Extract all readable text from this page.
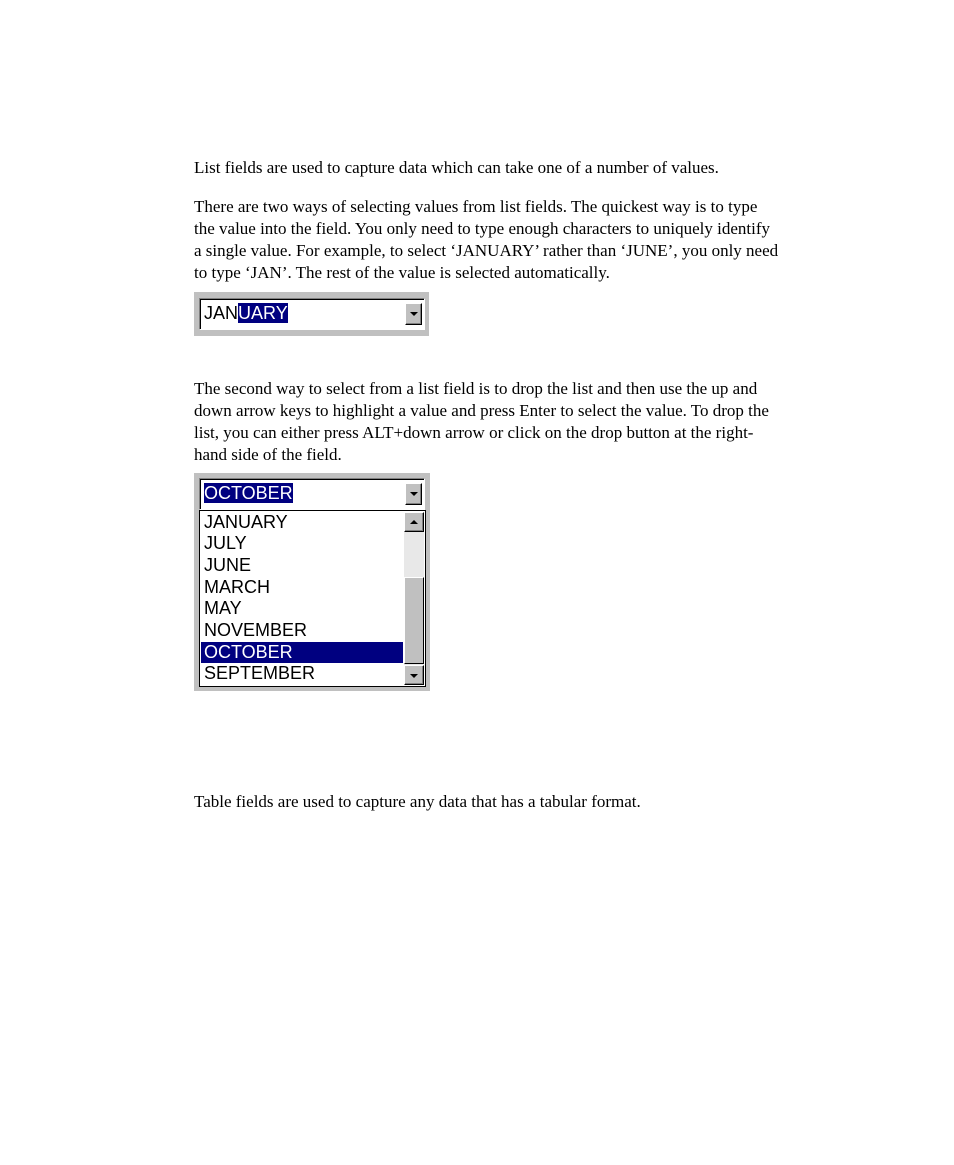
List fields are used to capture data which can take one of a number of values.

There are two ways of selecting values from list fields. The quickest way is to type
the value into the field. You only need to type enough characters to uniquely identify
a single value. For example, to select ‘JANUARY’ rather than ‘JUNE’, you only need
to type ‘JAN’. The rest of the value is selected automatically.

JANUARY

The second way to select from a list field is to drop the list and then use the up and
down arrow keys to highlight a value and press Enter to select the value. To drop the
list, you can either press ALT+down arrow or click on the drop button at the right-
hand side of the field.

OCTOBER
JANUARY
JULY
JUNE
MARCH
MAY
NOVEMBER
OCTOBER
SEPTEMBER

Table fields are used to capture any data that has a tabular format.
